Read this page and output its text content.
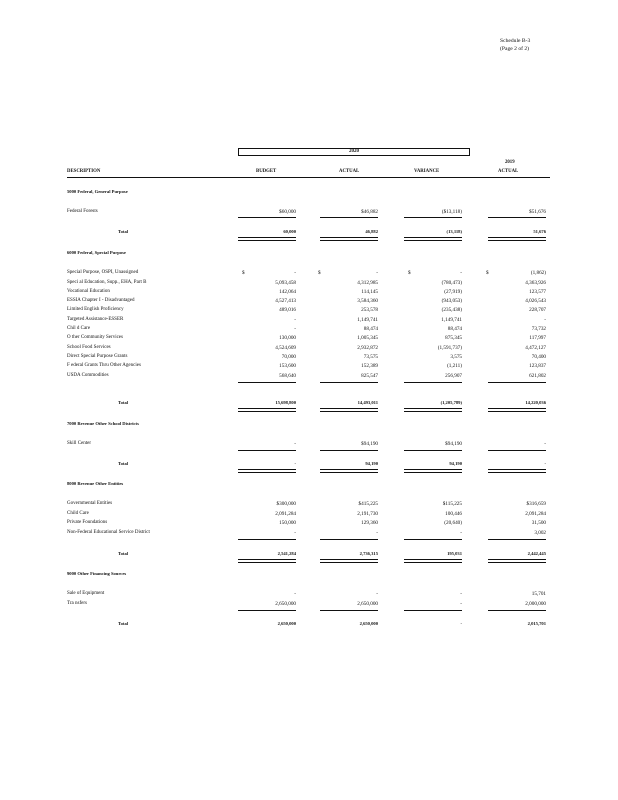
Schedule B-3
(Page 2 of 2)
2020
2019
DESCRIPTION	BUDGET	ACTUAL	VARIANCE	ACTUAL
5000 Federal, General Purpose
Federal Forests	$60,000	$46,882	($13,118)	$51,676
Total	60,000	46,882	(13,118)	51,676
6000 Federal, Special Purpose
Special Purpose, OSPI, Unassigned	$	-	$	-	$	-	$	(1,862)
Speci al Education, Supp., EHA, Part B	5,093,458	4,312,985	(780,473)	4,363,926
Vocational Education	142,064	114,145	(27,919)	123,577
ESSIA Chapter I - Disadvantaged	4,527,413	3,584,360	(943,053)	4,026,543
Limited English Proficiency	489,016	253,578	(235,438)	228,707
Targeted Assistance-ESSER	-	1,149,741	1,149,741	-
Chil d Care	-	88,474	88,474	73,732
O ther Community Services	130,000	1,005,345	875,345	117,997
School Food Services	4,524,609	2,932,872	(1,591,737)	4,472,127
Direct Special Purpose Grants	70,000	73,575	3,575	70,400
F ederal Grants Thru Other Agencies	153,600	152,389	(1,211)	123,837
USDA Commodities	568,640	825,547	256,907	621,802
Total	15,698,800	14,493,011	(1,205,789)	14,220,036
7000 Revenue Other School Districts
Skill Center	-	$94,190	$94,190	-
Total	-	94,190	94,190	-
8000 Revenue Other Entities
Governmental Entities	$300,000	$415,225	$115,225	$316,659
Child Care	2,091,284	2,191,730	100,446	2,091,284
Private Foundations	150,000	129,360	(20,640)	31,500
Non-Federal Educational Service District	-	-	-	3,002
Total	2,541,284	2,736,315	195,031	2,442,445
9000 Other Financing Sources
Sale of Equipment	-	-	-	15,701
Tra nsfers	2,650,000	2,650,000	-	2,000,000
Total	2,650,000	2,650,000	-	2,015,701
